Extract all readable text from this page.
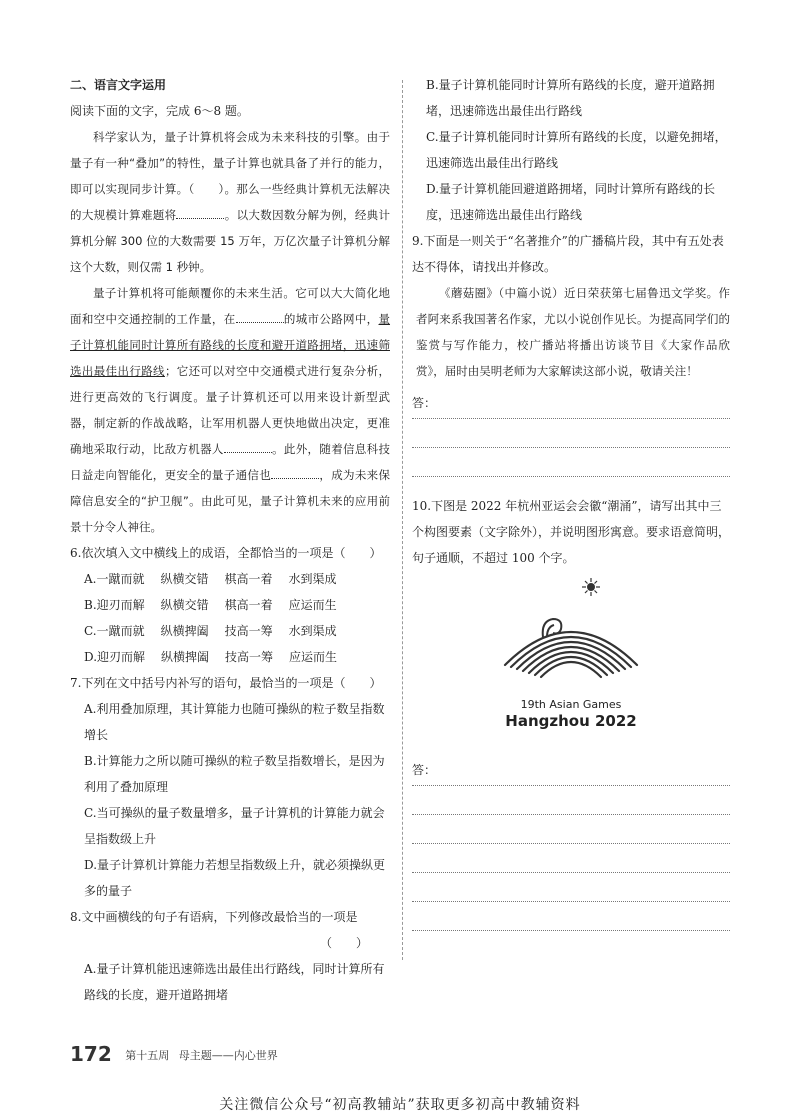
二、语言文字运用

阅读下面的文字，完成 6～8 题。

科学家认为，量子计算机将会成为未来科技的引擎。由于量子有一种“叠加”的特性，量子计算也就具备了并行的能力，即可以实现同步计算。（　　 ）。那么一些经典计算机无法解决的大规模计算难题将	。以大数因数分解为例，经典计算机分解 300 位的大数需要 15 万年，万亿次量子计算机分解这个大数，则仅需 1 秒钟。

量子计算机将可能颠覆你的未来生活。它可以大大简化地面和空中交通控制的工作量，在	的城市公路网中，量子计算机能同时计算所有路线的长度和避开道路拥堵，迅速筛选出最佳出行路线；它还可以对空中交通模式进行复杂分析，进行更高效的飞行调度。量子计算机还可以用来设计新型武器，制定新的作战战略，让军用机器人更快地做出决定，更准确地采取行动，比敌方机器人	。此外，随着信息科技日益走向智能化，更安全的量子通信也	，成为未来保障信息安全的“护卫舰”。由此可见，量子计算机未来的应用前景十分令人神往。

6.依次填入文中横线上的成语，全都恰当的一项是（　　）

A.一蹴而就 纵横交错 棋高一着 水到渠成
B.迎刃而解 纵横交错 棋高一着 应运而生
C.一蹴而就 纵横捭阖 技高一筹 水到渠成
D.迎刃而解 纵横捭阖 技高一筹 应运而生

7.下列在文中括号内补写的语句，最恰当的一项是（　　）

A.利用叠加原理，其计算能力也随可操纵的粒子数呈指数增长

B.计算能力之所以随可操纵的粒子数呈指数增长，是因为利用了叠加原理

C.当可操纵的量子数量增多，量子计算机的计算能力就会呈指数级上升

D.量子计算机计算能力若想呈指数级上升，就必须操纵更多的量子

8.文中画横线的句子有语病，下列修改最恰当的一项是

（　　）

A.量子计算机能迅速筛选出最佳出行路线，同时计算所有路线的长度，避开道路拥堵

B.量子计算机能同时计算所有路线的长度，避开道路拥堵，迅速筛选出最佳出行路线

C.量子计算机能同时计算所有路线的长度，以避免拥堵，迅速筛选出最佳出行路线

D.量子计算机能回避道路拥堵，同时计算所有路线的长度，迅速筛选出最佳出行路线

9.下面是一则关于“名著推介”的广播稿片段，其中有五处表达不得体，请找出并修改。

《蘑菇圈》（中篇小说）近日荣获第七届鲁迅文学奖。作者阿来系我国著名作家，尤以小说创作见长。为提高同学们的鉴赏与写作能力，校广播站将播出访谈节目《大家作品欣赏》，届时由吴明老师为大家解读这部小说，敬请关注！

答：

10.下图是 2022 年杭州亚运会会徽“潮涌”，请写出其中三个构图要素（文字除外），并说明图形寓意。要求语意简明，句子通顺，不超过 100 个字。

19th Asian Games
Hangzhou 2022
答：
172 第十五周 母主题——内心世界
关注微信公众号“初高教辅站”获取更多初高中教辅资料
